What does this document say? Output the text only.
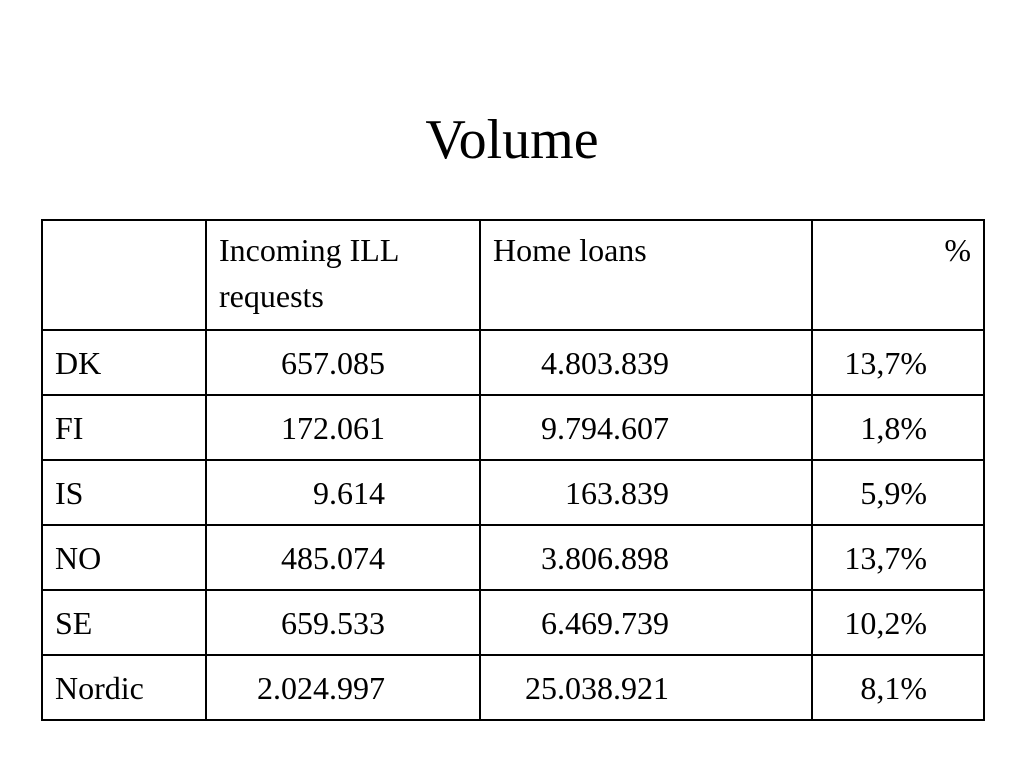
Volume
	Incoming ILL requests	Home loans	%
DK	657.085	4.803.839	13,7%
FI	172.061	9.794.607	1,8%
IS	9.614	163.839	5,9%
NO	485.074	3.806.898	13,7%
SE	659.533	6.469.739	10,2%
Nordic	2.024.997	25.038.921	8,1%
